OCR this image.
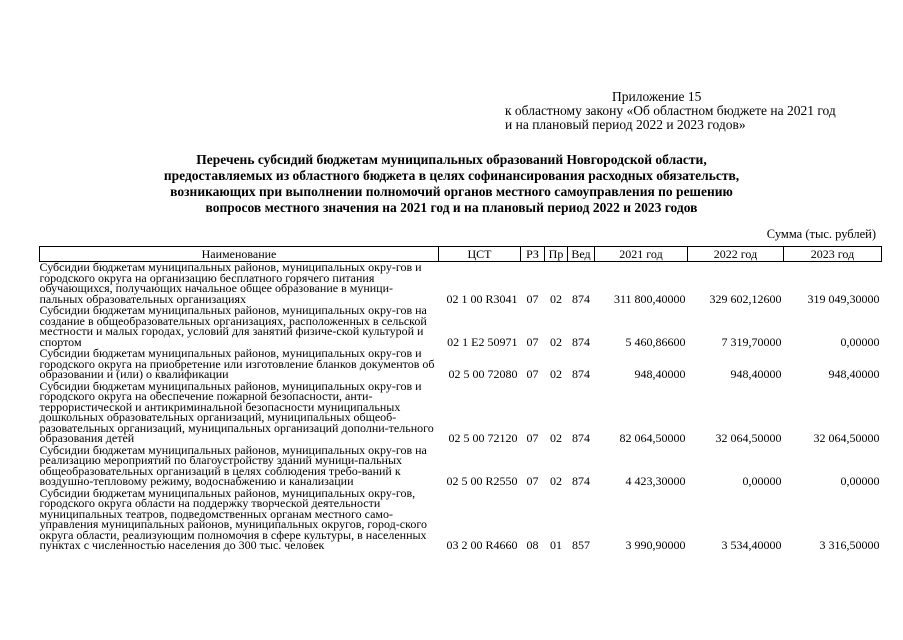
Приложение 15
к областному закону «Об областном бюджете на 2021 год
и на плановый период 2022 и 2023 годов»
Перечень субсидий бюджетам муниципальных образований Новгородской области,
предоставляемых из областного бюджета в целях софинансирования расходных обязательств,
возникающих при выполнении полномочий органов местного самоуправления по решению
вопросов местного значения на 2021 год и на плановый период 2022 и 2023 годов
Сумма (тыс. рублей)
Наименование	ЦСТ	РЗ	Пр	Вед	2021 год	2022 год	2023 год
Субсидии бюджетам муниципальных районов, муниципальных окру-гов и городского округа на организацию бесплатного горячего питания обучающихся, получающих начальное общее образование в муници-пальных образовательных организациях	02 1 00 R3041	07	02	874	311 800,40000	329 602,12600	319 049,30000
Субсидии бюджетам муниципальных районов, муниципальных окру-гов на создание в общеобразовательных организациях, расположенных в сельской местности и малых городах, условий для занятий физиче-ской культурой и спортом	02 1 E2 50971	07	02	874	5 460,86600	7 319,70000	0,00000
Субсидии бюджетам муниципальных районов, муниципальных окру-гов и городского округа на приобретение или изготовление бланков документов об образовании и (или) о квалификации	02 5 00 72080	07	02	874	948,40000	948,40000	948,40000
Субсидии бюджетам муниципальных районов, муниципальных окру-гов и городского округа на обеспечение пожарной безопасности, анти-террористической и антикриминальной безопасности муниципальных дошкольных образовательных организаций, муниципальных общеоб-разовательных организаций, муниципальных организаций дополни-тельного образования детей	02 5 00 72120	07	02	874	82 064,50000	32 064,50000	32 064,50000
Субсидии бюджетам муниципальных районов, муниципальных окру-гов на реализацию мероприятий по благоустройству зданий муници-пальных общеобразовательных организаций в целях соблюдения требо-ваний к воздушно-тепловому режиму, водоснабжению и канализации	02 5 00 R2550	07	02	874	4 423,30000	0,00000	0,00000
Субсидии бюджетам муниципальных районов, муниципальных окру-гов, городского округа области на поддержку творческой деятельности муниципальных театров, подведомственных органам местного само-управления муниципальных районов, муниципальных округов, город-ского округа области, реализующим полномочия в сфере культуры, в населенных пунктах с численностью населения до 300 тыс. человек	03 2 00 R4660	08	01	857	3 990,90000	3 534,40000	3 316,50000
